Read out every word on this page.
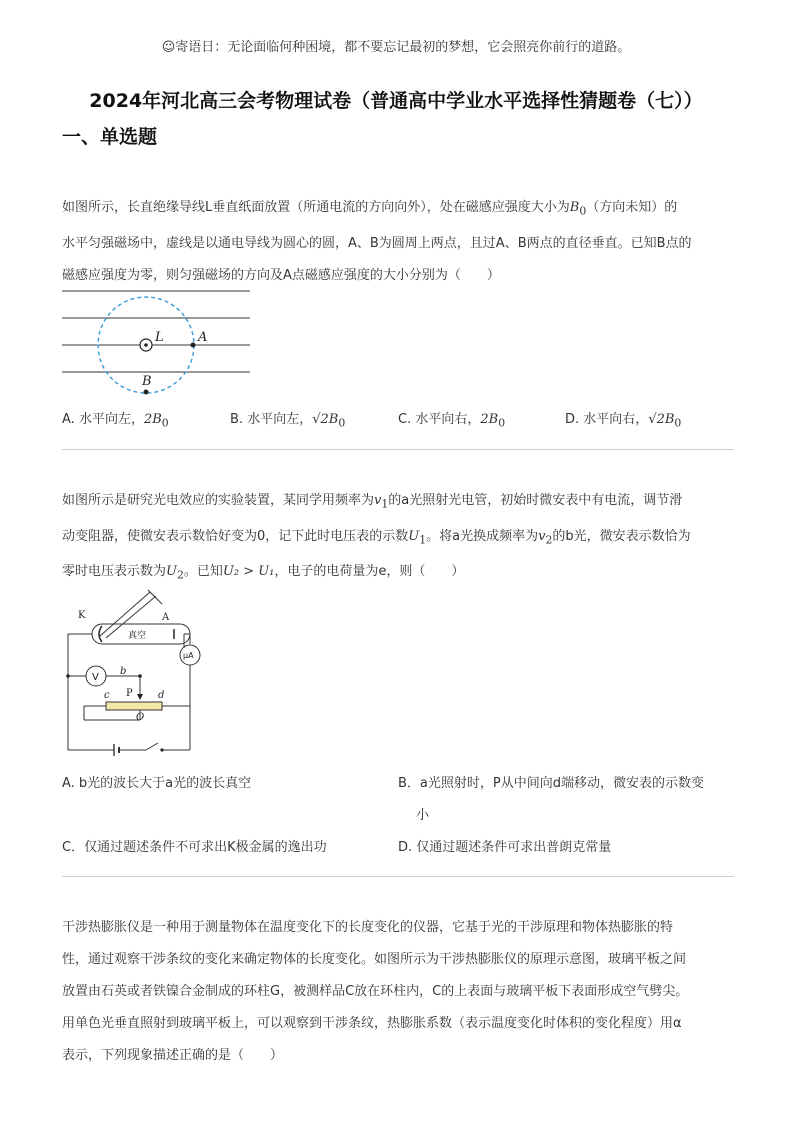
☺寄语日：无论面临何种困境，都不要忘记最初的梦想，它会照亮你前行的道路。
2024年河北高三会考物理试卷（普通高中学业水平选择性猜题卷（七））
一、单选题
如图所示，长直绝缘导线L垂直纸面放置（所通电流的方向向外），处在磁感应强度大小为$B_0$（方向未知）的
水平匀强磁场中，虚线是以通电导线为圆心的圆，A、B为圆周上两点，且过A、B两点的直径垂直。已知B点的
磁感应强度为零，则匀强磁场的方向及A点磁感应强度的大小分别为（　　）
L	A
B
A. 水平向左，$2B_0$	B. 水平向左，$√2B_0$	C. 水平向右，$2B_0$	D. 水平向右，$√2B_0$
如图所示是研究光电效应的实验装置，某同学用频率为$v_1$的a光照射光电管，初始时微安表中有电流，调节滑
动变阻器，使微安表示数恰好变为0，记下此时电压表的示数$U_1$。将a光换成频率为$v_2$的b光，微安表示数恰为
零时电压表示数为$U_2$。已知U₂ > U₁，电子的电荷量为e，则（　　）
K	A
真空
μA
V
b
P
c	d
O
A. b光的波长大于a光的波长真空	B．a光照射时，P从中间向d端移动，微安表的示数变
小
C．仅通过题述条件不可求出K极金属的逸出功	D. 仅通过题述条件可求出普朗克常量
干涉热膨胀仪是一种用于测量物体在温度变化下的长度变化的仪器，它基于光的干涉原理和物体热膨胀的特
性，通过观察干涉条纹的变化来确定物体的长度变化。如图所示为干涉热膨胀仪的原理示意图，玻璃平板之间
放置由石英或者铁镍合金制成的环柱G，被测样品C放在环柱内，C的上表面与玻璃平板下表面形成空气劈尖。
用单色光垂直照射到玻璃平板上，可以观察到干涉条纹，热膨胀系数（表示温度变化时体积的变化程度）用α
表示，下列现象描述正确的是（　　）
